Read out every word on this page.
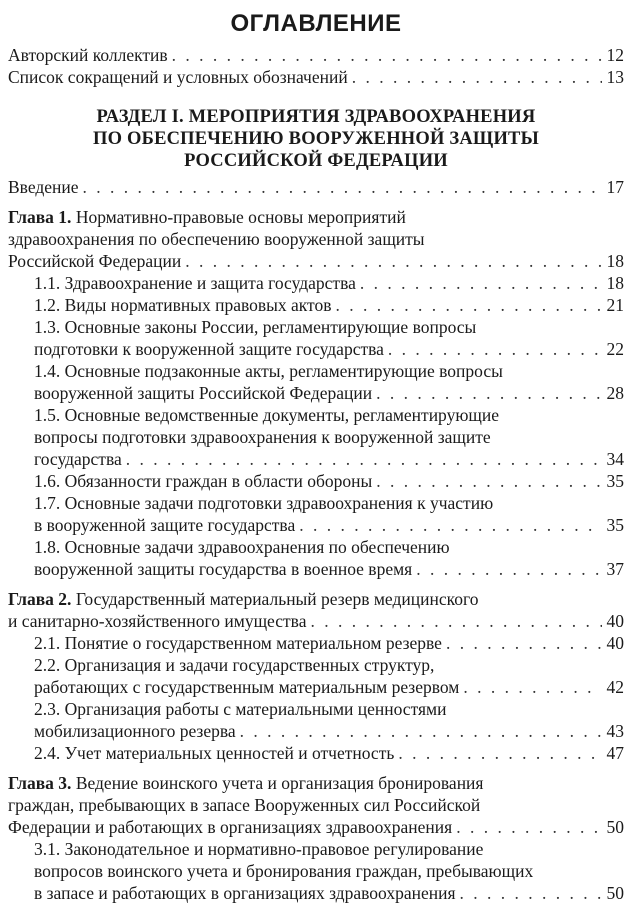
ОГЛАВЛЕНИЕ
Авторский коллектив . . .	12
Список сокращений и условных обозначений . . .	13
РАЗДЕЛ I. МЕРОПРИЯТИЯ ЗДРАВООХРАНЕНИЯ
ПО ОБЕСПЕЧЕНИЮ ВООРУЖЕННОЙ ЗАЩИТЫ
РОССИЙСКОЙ ФЕДЕРАЦИИ
Введение . . .	17
Глава 1. Нормативно-правовые основы мероприятий
здравоохранения по обеспечению вооруженной защиты
Российской Федерации . . .	18
1.1. Здравоохранение и защита государства . . .	18
1.2. Виды нормативных правовых актов . . .	21
1.3. Основные законы России, регламентирующие вопросы
подготовки к вооруженной защите государства . . .	22
1.4. Основные подзаконные акты, регламентирующие вопросы
вооруженной защиты Российской Федерации . . .	28
1.5. Основные ведомственные документы, регламентирующие
вопросы подготовки здравоохранения к вооруженной защите
государства . . .	34
1.6. Обязанности граждан в области обороны . . .	35
1.7. Основные задачи подготовки здравоохранения к участию
в вооруженной защите государства . . .	35
1.8. Основные задачи здравоохранения по обеспечению
вооруженной защиты государства в военное время . . .	37
Глава 2. Государственный материальный резерв медицинского
и санитарно-хозяйственного имущества . . .	40
2.1. Понятие о государственном материальном резерве . . .	40
2.2. Организация и задачи государственных структур,
работающих с государственным материальным резервом . . .	42
2.3. Организация работы с материальными ценностями
мобилизационного резерва . . .	43
2.4. Учет материальных ценностей и отчетность . . .	47
Глава 3. Ведение воинского учета и организация бронирования
граждан, пребывающих в запасе Вооруженных сил Российской
Федерации и работающих в организациях здравоохранения . . .	50
3.1. Законодательное и нормативно-правовое регулирование
вопросов воинского учета и бронирования граждан, пребывающих
в запасе и работающих в организациях здравоохранения . . .	50
